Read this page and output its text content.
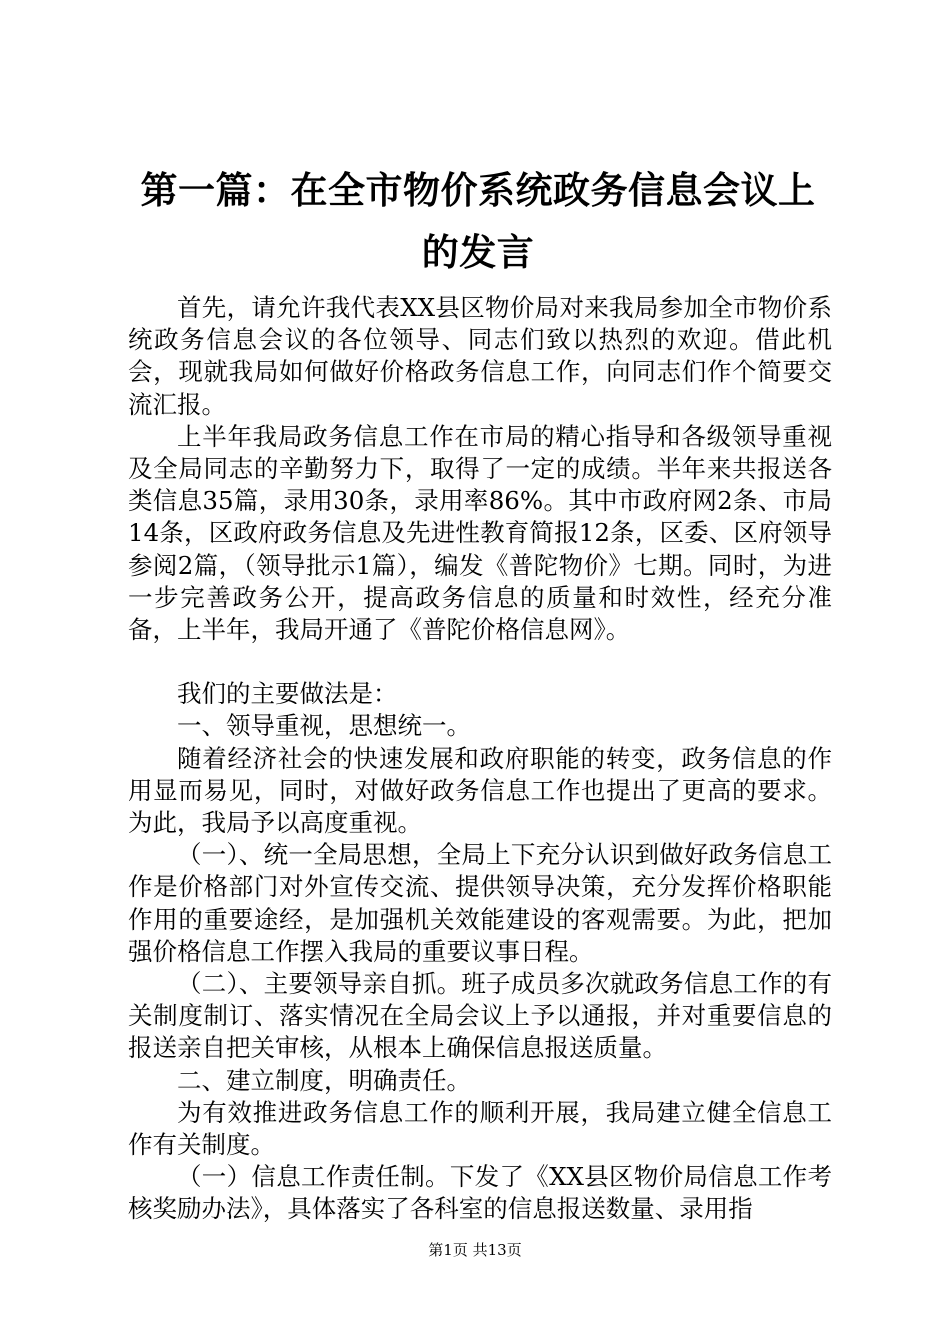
第一篇：在全市物价系统政务信息会议上的发言

首先，请允许我代表XX县区物价局对来我局参加全市物价系统政务信息会议的各位领导、同志们致以热烈的欢迎。借此机会，现就我局如何做好价格政务信息工作，向同志们作个简要交流汇报。

上半年我局政务信息工作在市局的精心指导和各级领导重视及全局同志的辛勤努力下，取得了一定的成绩。半年来共报送各类信息35篇，录用30条，录用率86%。其中市政府网2条、市局14条，区政府政务信息及先进性教育简报12条，区委、区府领导参阅2篇，（领导批示1篇），编发《普陀物价》七期。同时，为进一步完善政务公开，提高政务信息的质量和时效性，经充分准备，上半年，我局开通了《普陀价格信息网》。

我们的主要做法是：

一、领导重视，思想统一。

随着经济社会的快速发展和政府职能的转变，政务信息的作用显而易见，同时，对做好政务信息工作也提出了更高的要求。为此，我局予以高度重视。

（一）、统一全局思想，全局上下充分认识到做好政务信息工作是价格部门对外宣传交流、提供领导决策，充分发挥价格职能作用的重要途经，是加强机关效能建设的客观需要。为此，把加强价格信息工作摆入我局的重要议事日程。

（二）、主要领导亲自抓。班子成员多次就政务信息工作的有关制度制订、落实情况在全局会议上予以通报，并对重要信息的报送亲自把关审核，从根本上确保信息报送质量。

二、建立制度，明确责任。

为有效推进政务信息工作的顺利开展，我局建立健全信息工作有关制度。

（一）信息工作责任制。下发了《XX县区物价局信息工作考核奖励办法》，具体落实了各科室的信息报送数量、录用指

第1页 共13页
